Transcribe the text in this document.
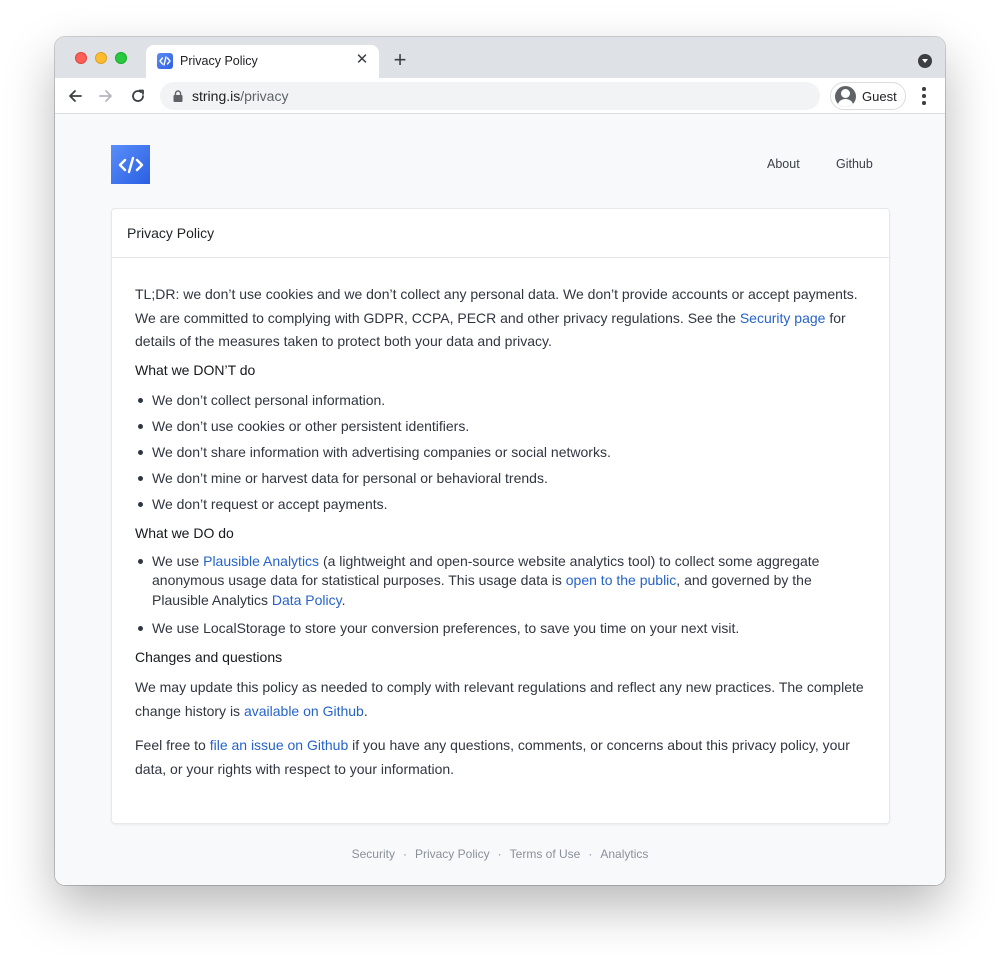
Privacy Policy	✕ +
string.is/privacy	Guest
About	Github
Privacy Policy

TL;DR: we don’t use cookies and we don’t collect any personal data. We don’t provide accounts or accept payments. We are committed to complying with GDPR, CCPA, PECR and other privacy regulations. See the Security page for details of the measures taken to protect both your data and privacy.

What we DON’T do
We don’t collect personal information.
We don’t use cookies or other persistent identifiers.
We don’t share information with advertising companies or social networks.
We don’t mine or harvest data for personal or behavioral trends.
We don’t request or accept payments.
What we DO do
We use Plausible Analytics (a lightweight and open-source website analytics tool) to collect some aggregate anonymous usage data for statistical purposes. This usage data is open to the public, and governed by the Plausible Analytics Data Policy.
We use LocalStorage to store your conversion preferences, to save you time on your next visit.
Changes and questions

We may update this policy as needed to comply with relevant regulations and reflect any new practices. The complete change history is available on Github.

Feel free to file an issue on Github if you have any questions, comments, or concerns about this privacy policy, your data, or your rights with respect to your information.

Security · Privacy Policy · Terms of Use · Analytics
